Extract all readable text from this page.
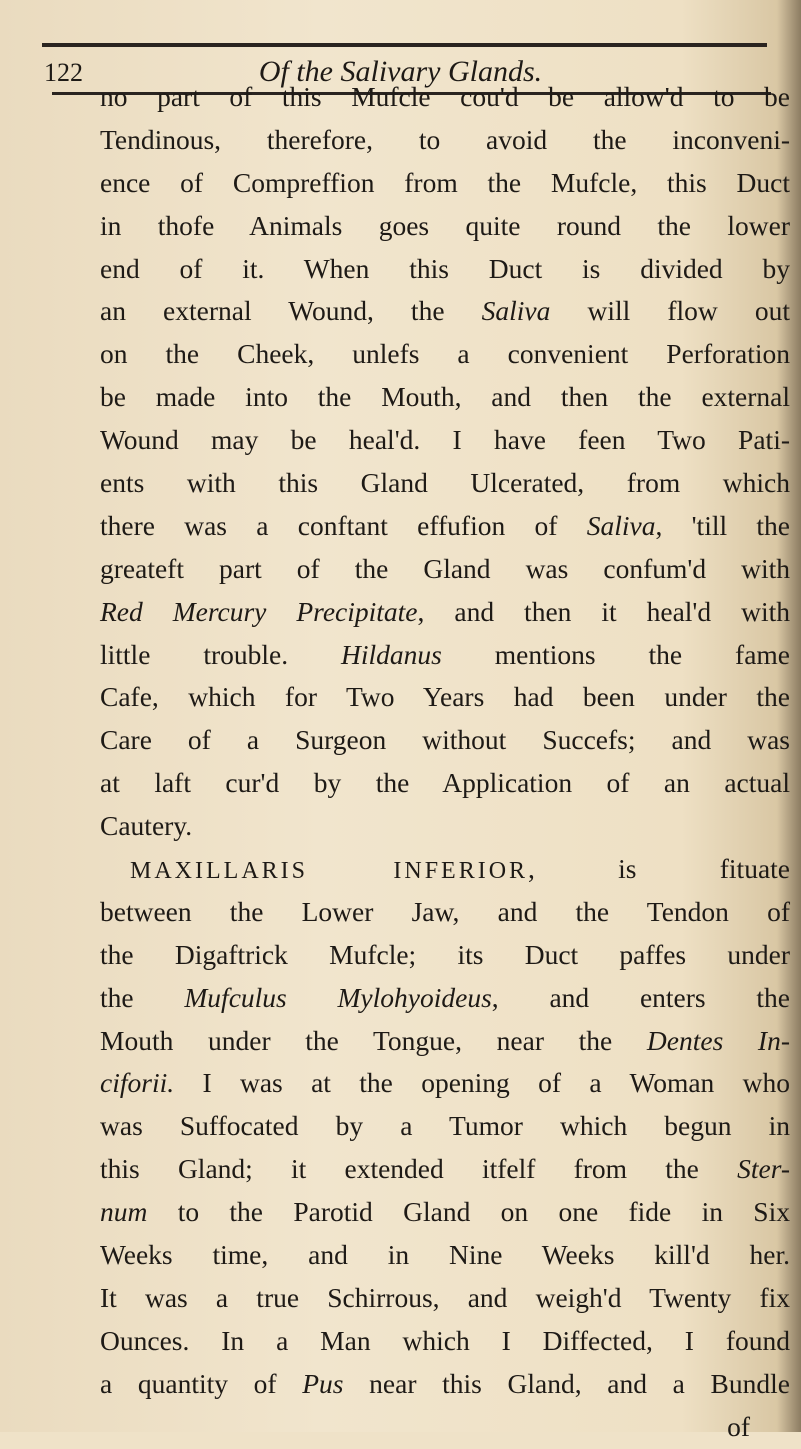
122	Of the Salivary Glands.
no part of this Mufcle cou'd be allow'd to be
Tendinous, therefore, to avoid the inconveni-
ence of Compreffion from the Mufcle, this Duct
in thofe Animals goes quite round the lower
end of it. When this Duct is divided by
an external Wound, the Saliva will flow out
on the Cheek, unlefs a convenient Perforation
be made into the Mouth, and then the external
Wound may be heal'd. I have feen Two Pati-
ents with this Gland Ulcerated, from which
there was a conftant effufion of Saliva, 'till the
greateft part of the Gland was confum'd with
Red Mercury Precipitate, and then it heal'd with
little trouble. Hildanus mentions the fame
Cafe, which for Two Years had been under the
Care of a Surgeon without Succefs; and was
at laft cur'd by the Application of an actual
Cautery.
MAXILLARIS INFERIOR, is fituate
between the Lower Jaw, and the Tendon of
the Digaftrick Mufcle; its Duct paffes under
the Mufculus Mylohyoideus, and enters the
Mouth under the Tongue, near the Dentes In-
ciforii. I was at the opening of a Woman who
was Suffocated by a Tumor which begun in
this Gland; it extended itfelf from the Ster-
num to the Parotid Gland on one fide in Six
Weeks time, and in Nine Weeks kill'd her.
It was a true Schirrous, and weigh'd Twenty fix
Ounces. In a Man which I Diffected, I found
a quantity of Pus near this Gland, and a Bundle
of
